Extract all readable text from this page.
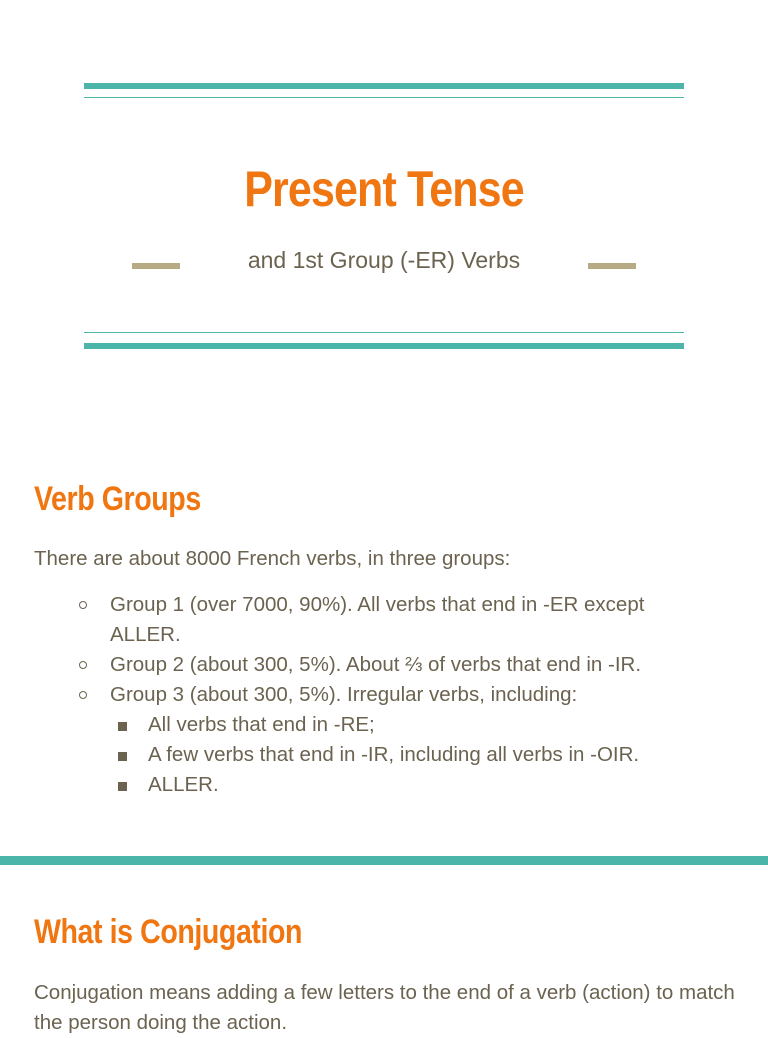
Present Tense
and 1st Group (-ER) Verbs
Verb Groups

There are about 8000 French verbs, in three groups:

Group 1 (over 7000, 90%). All verbs that end in -ER except ALLER.
Group 2 (about 300, 5%). About ⅔ of verbs that end in -IR.
Group 3 (about 300, 5%). Irregular verbs, including:
All verbs that end in -RE;
A few verbs that end in -IR, including all verbs in -OIR.
ALLER.
What is Conjugation

Conjugation means adding a few letters to the end of a verb (action) to match the person doing the action.
